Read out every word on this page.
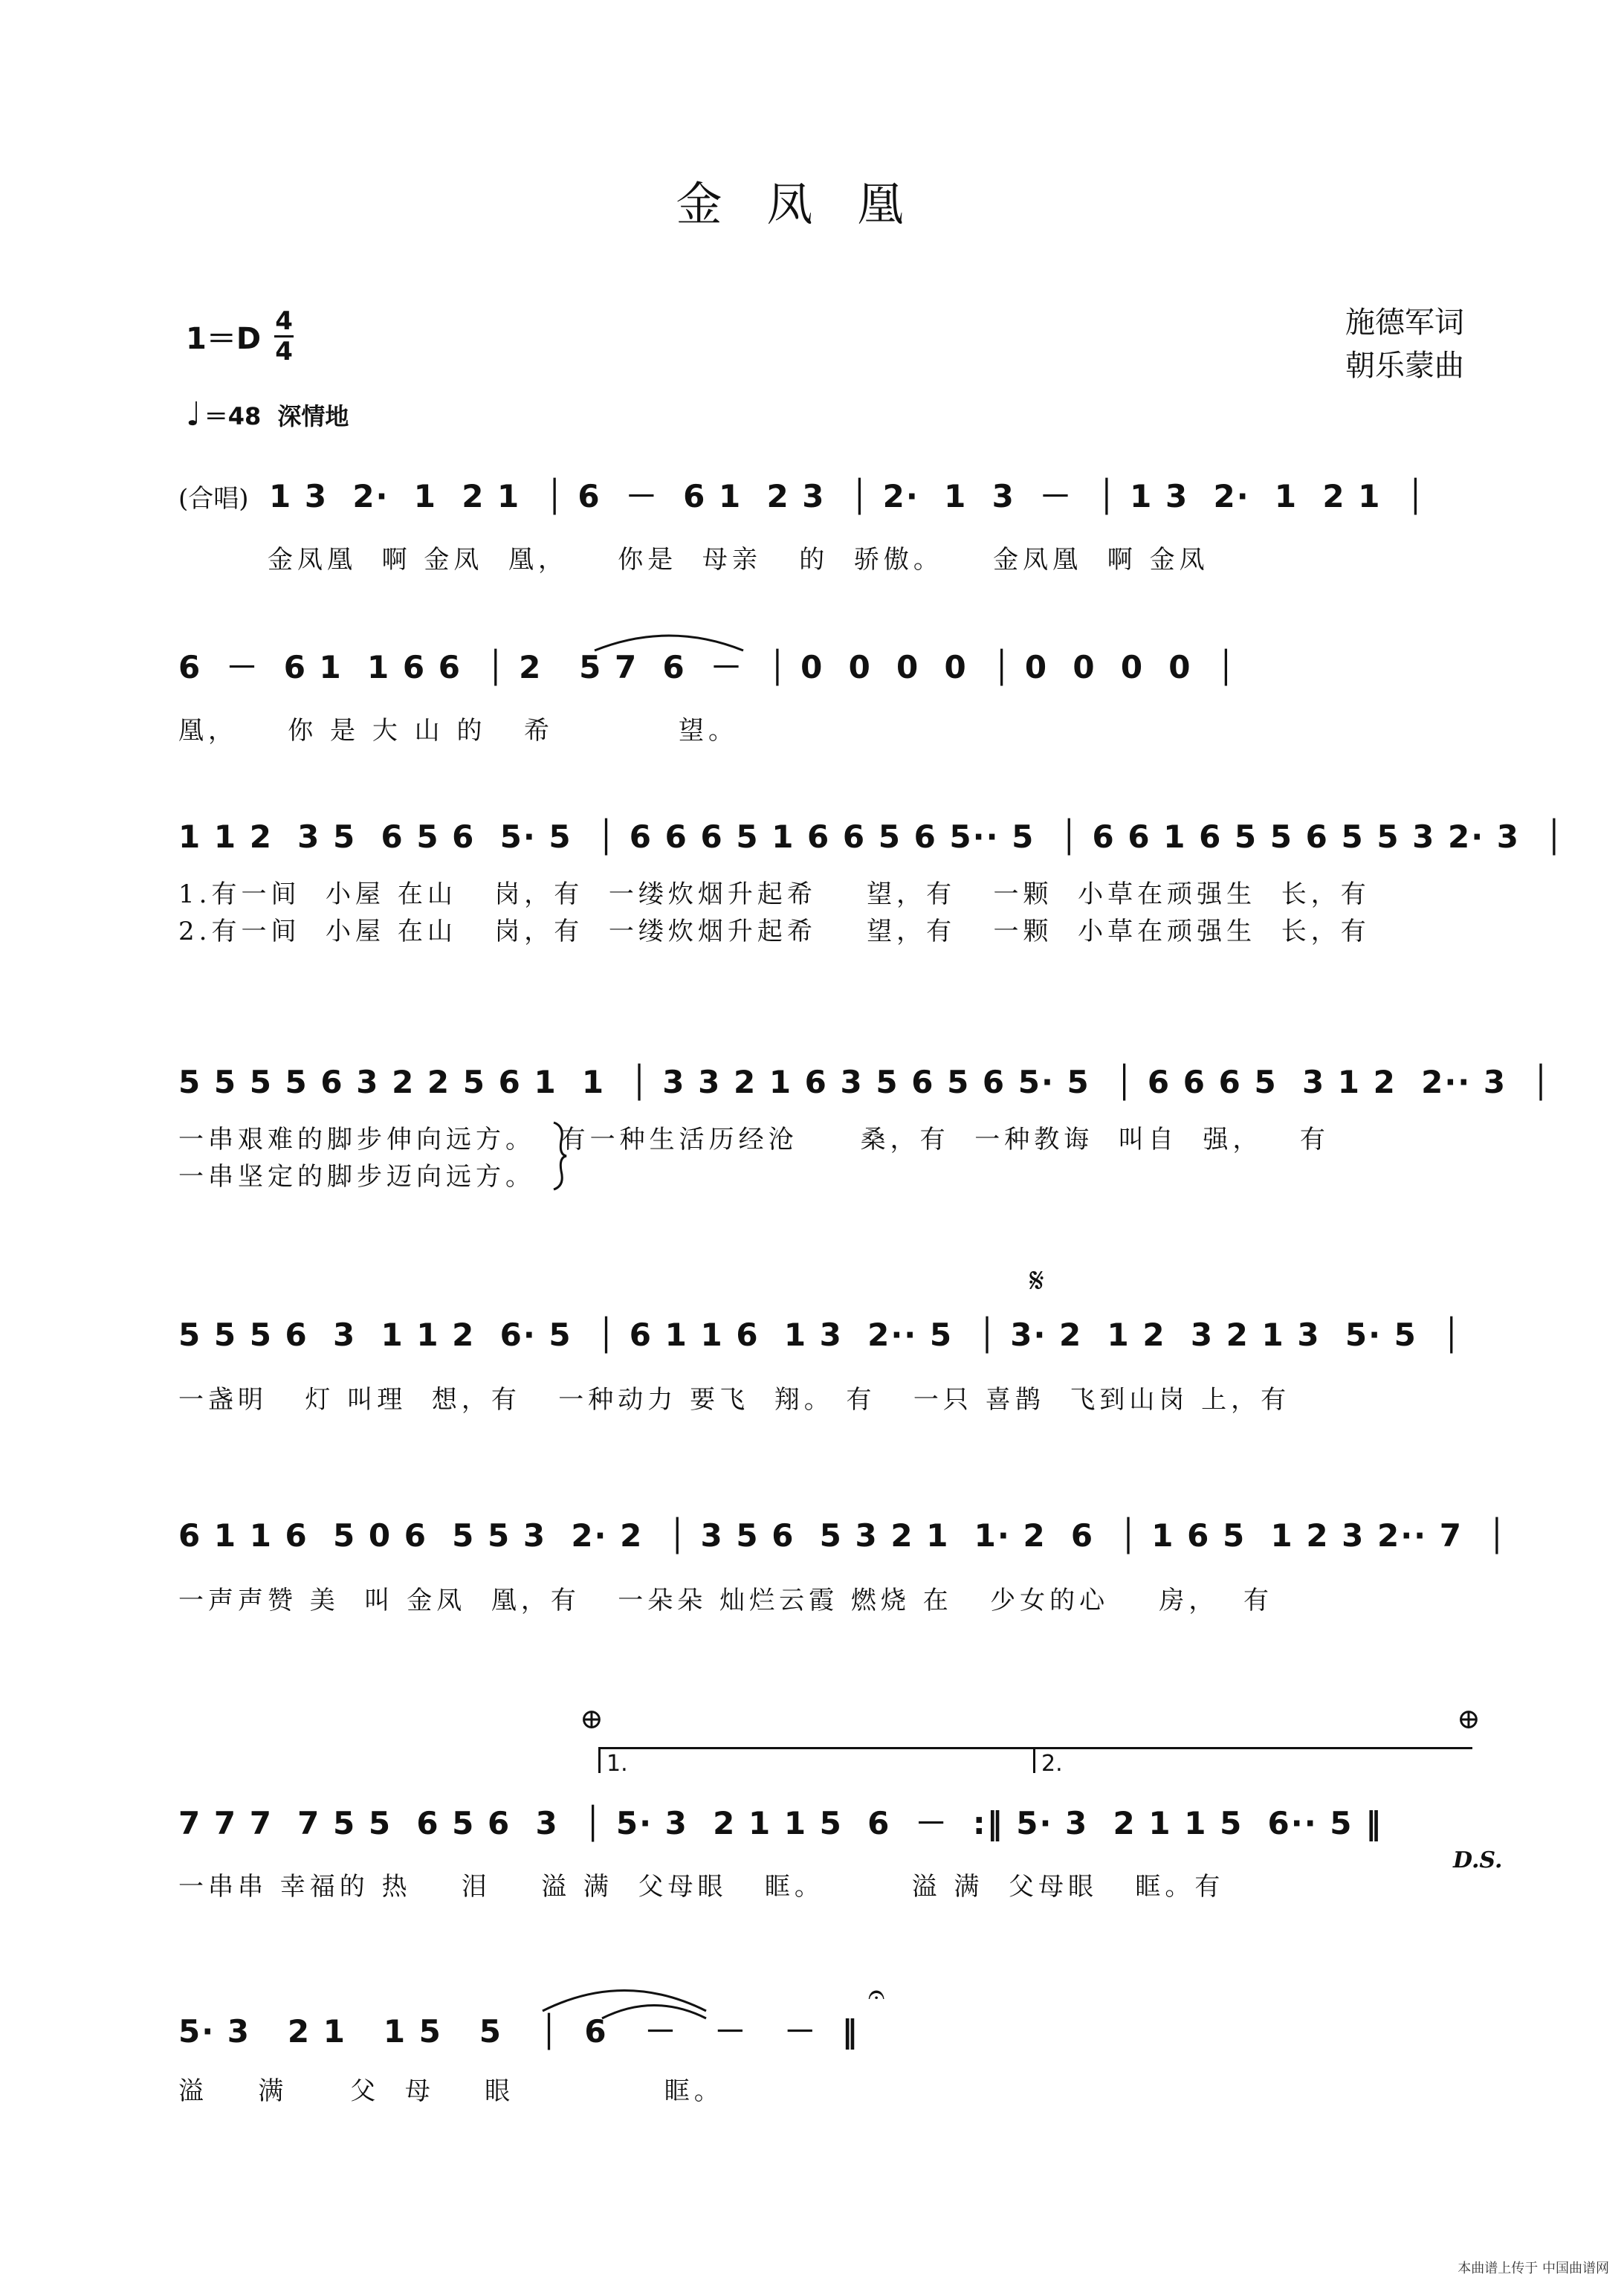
金凤凰
1＝D
4
4
施德军词
朝乐蒙曲
♩ ＝48 深情地
(合唱) 1 3  2·  1  2 1  │ 6  －  6 1  2 3  │ 2·  1  3  －  │ 1 3  2·  1  2 1  │
金凤凰  啊 金凤  凰，    你是  母亲   的  骄傲。    金凤凰  啊 金凤
6  －  6 1  1 6 6  │ 2   5 7  6  －  │ 0  0  0  0  │ 0  0  0  0  │
凰，    你 是 大 山 的   希          望。
1 1 2  3 5  6 5 6  5· 5  │ 6 6 6 5 1 6 6 5 6 5·· 5  │ 6 6 1 6 5 5 6 5 5 3 2· 3  │
1.有一间  小屋 在山   岗，有  一缕炊烟升起希    望，有   一颗  小草在顽强生  长，有
2.有一间  小屋 在山   岗，有  一缕炊烟升起希    望，有   一颗  小草在顽强生  长，有
5 5 5 5 6 3 2 2 5 6 1  1  │ 3 3 2 1 6 3 5 6 5 6 5· 5  │ 6 6 6 5  3 1 2  2·· 3  │
一串艰难的脚步伸向远方。  有一种生活历经沧     桑，有  一种教诲  叫自  强，   有
一串坚定的脚步迈向远方。
𝄋
5 5 5 6  3  1 1 2  6· 5  │ 6 1 1 6  1 3  2·· 5  │ 3· 2  1 2  3 2 1 3  5· 5  │
一盏明   灯 叫理  想，有   一种动力 要飞  翔。 有   一只 喜鹊  飞到山岗 上，有
6 1 1 6  5 0 6  5 5 3  2· 2  │ 3 5 6  5 3 2 1  1· 2  6  │ 1 6 5  1 2 3 2·· 7  │
一声声赞 美  叫 金凤  凰，有   一朵朵 灿烂云霞 燃烧 在   少女的心    房，  有
⊕	⊕
1.	2.
7 7 7  7 5 5  6 5 6  3  │ 5· 3  2 1 1 5  6  －  :‖ 5· 3  2 1 1 5  6·· 5 ‖
一串串 幸福的 热    泪    溢 满  父母眼   眶。       溢 满  父母眼   眶。有
D.S.
𝄐
5· 3   2 1   1 5   5   │  6   －   －   －  ‖
溢    满     父  母    眼            眶。
本曲谱上传于 中国曲谱网
